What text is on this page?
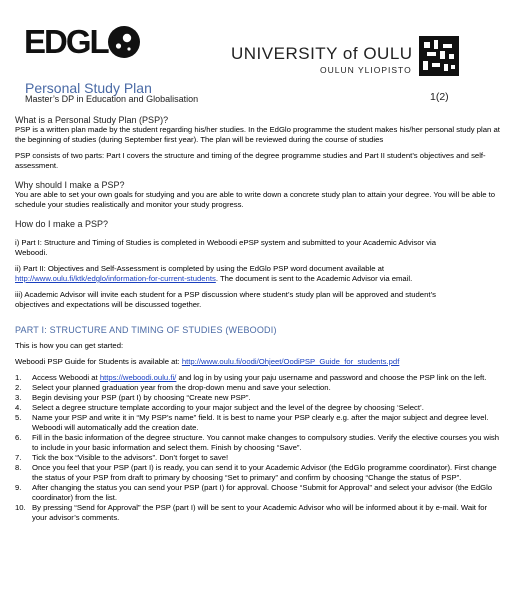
EDGL	UNIVERSITY of OULU
OULUN YLIOPISTO
Personal Study Plan
Master’s DP in Education and Globalisation	1(2)

What is a Personal Study Plan (PSP)?

PSP is a written plan made by the student regarding his/her studies. In the EdGlo programme the student makes his/her personal study plan at the beginning of studies (during September first year). The plan will be reviewed during the course of studies

PSP consists of two parts: Part I covers the structure and timing of the degree programme studies and Part II student’s objectives and self-assessment.

Why should I make a PSP?

You are able to set your own goals for studying and you are able to write down a concrete study plan to attain your degree. You will be able to schedule your studies realistically and monitor your study progress.

How do I make a PSP?

i) Part I: Structure and Timing of Studies is completed in Weboodi ePSP system and submitted to your Academic Advisor via Weboodi.

ii) Part II: Objectives and Self-Assessment is completed by using the EdGlo PSP word document available at http://www.oulu.fi/ktk/edglo/information-for-current-students. The document is sent to the Academic Advisor via email.

iii) Academic Advisor will invite each student for a PSP discussion where student’s study plan will be approved and student’s objectives and expectations will be discussed together.

PART I: STRUCTURE AND TIMING OF STUDIES (WEBOODI)

This is how you can get started:

Weboodi PSP Guide for Students is available at: http://www.oulu.fi/oodi/Ohjeet/OodiPSP_Guide_for_students.pdf

1. Access Weboodi at https://weboodi.oulu.fi/ and log in by using your paju username and password and choose the PSP link on the left.
2. Select your planned graduation year from the drop-down menu and save your selection.
3. Begin devising your PSP (part I) by choosing “Create new PSP”.
4. Select a degree structure template according to your major subject and the level of the degree by choosing ‘Select’.
5. Name your PSP and write it in “My PSP’s name” field. It is best to name your PSP clearly e.g. after the major subject and degree level. Weboodi will automatically add the creation date.
6. Fill in the basic information of the degree structure. You cannot make changes to compulsory studies. Verify the elective courses you wish to include in your basic information and select them. Finish by choosing “Save”.
7. Tick the box “Visible to the advisors”. Don’t forget to save!
8. Once you feel that your PSP (part I) is ready, you can send it to your Academic Advisor (the EdGlo programme coordinator). First change the status of your PSP from draft to primary by choosing “Set to primary” and confirm by choosing “Change the status of PSP”.
9. After changing the status you can send your PSP (part I) for approval. Choose “Submit for Approval” and select your advisor (the EdGlo coordinator) from the list.
10. By pressing “Send for Approval” the PSP (part I) will be sent to your Academic Advisor who will be informed about it by e-mail. Wait for your advisor’s comments.
